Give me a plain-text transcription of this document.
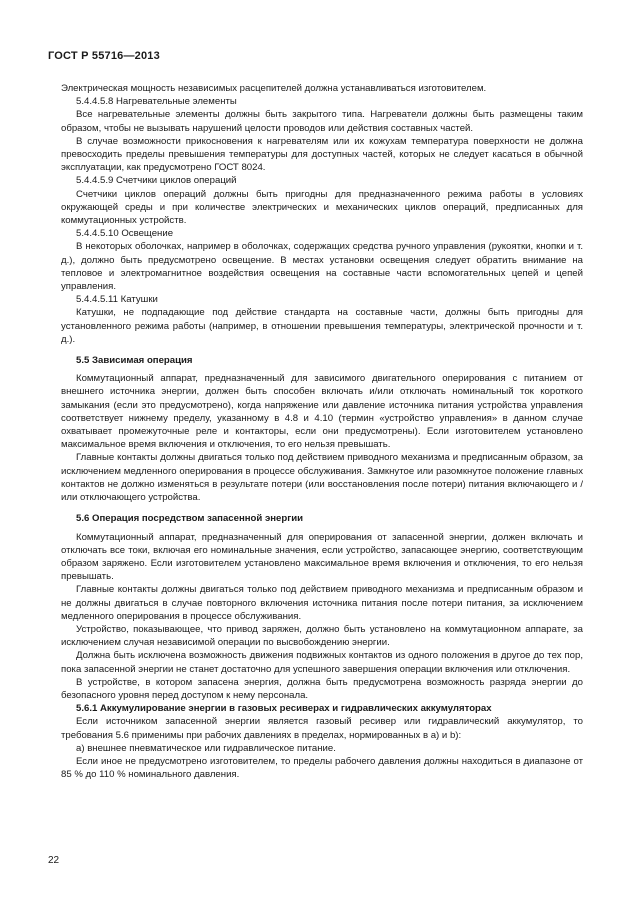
ГОСТ Р 55716—2013

Электрическая мощность независимых расцепителей должна устанавливаться изготовителем.

5.4.4.5.8 Нагревательные элементы

Все нагревательные элементы должны быть закрытого типа. Нагреватели должны быть размещены таким образом, чтобы не вызывать нарушений целости проводов или действия составных частей.

В случае возможности прикосновения к нагревателям или их кожухам температура поверхности не должна превосходить пределы превышения температуры для доступных частей, которых не следует касаться в обычной эксплуатации, как предусмотрено ГОСТ 8024.

5.4.4.5.9 Счетчики циклов операций

Счетчики циклов операций должны быть пригодны для предназначенного режима работы в условиях окружающей среды и при количестве электрических и механических циклов операций, предписанных для коммутационных устройств.

5.4.4.5.10 Освещение

В некоторых оболочках, например в оболочках, содержащих средства ручного управления (рукоятки, кнопки и т. д.), должно быть предусмотрено освещение. В местах установки освещения следует обратить внимание на тепловое и электромагнитное воздействия освещения на составные части вспомогательных цепей и цепей управления.

5.4.4.5.11 Катушки

Катушки, не подпадающие под действие стандарта на составные части, должны быть пригодны для установленного режима работы (например, в отношении превышения температуры, электрической прочности и т. д.).

5.5 Зависимая операция

Коммутационный аппарат, предназначенный для зависимого двигательного оперирования с питанием от внешнего источника энергии, должен быть способен включать и/или отключать номинальный ток короткого замыкания (если это предусмотрено), когда напряжение или давление источника питания устройства управления соответствует нижнему пределу, указанному в 4.8 и 4.10 (термин «устройство управления» в данном случае охватывает промежуточные реле и контакторы, если они предусмотрены). Если изготовителем установлено максимальное время включения и отключения, то его нельзя превышать.

Главные контакты должны двигаться только под действием приводного механизма и предписанным образом, за исключением медленного оперирования в процессе обслуживания. Замкнутое или разомкнутое положение главных контактов не должно изменяться в результате потери (или восстановления после потери) питания включающего и /или отключающего устройства.

5.6 Операция посредством запасенной энергии

Коммутационный аппарат, предназначенный для оперирования от запасенной энергии, должен включать и отключать все токи, включая его номинальные значения, если устройство, запасающее энергию, соответствующим образом заряжено. Если изготовителем установлено максимальное время включения и отключения, то его нельзя превышать.

Главные контакты должны двигаться только под действием приводного механизма и предписанным образом и не должны двигаться в случае повторного включения источника питания после потери питания, за исключением медленного оперирования в процессе обслуживания.

Устройство, показывающее, что привод заряжен, должно быть установлено на коммутационном аппарате, за исключением случая независимой операции по высвобождению энергии.

Должна быть исключена возможность движения подвижных контактов из одного положения в другое до тех пор, пока запасенной энергии не станет достаточно для успешного завершения операции включения или отключения.

В устройстве, в котором запасена энергия, должна быть предусмотрена возможность разряда энергии до безопасного уровня перед доступом к нему персонала.

5.6.1 Аккумулирование энергии в газовых ресиверах и гидравлических аккумуляторах

Если источником запасенной энергии является газовый ресивер или гидравлический аккумулятор, то требования 5.6 применимы при рабочих давлениях в пределах, нормированных в а) и b):

а) внешнее пневматическое или гидравлическое питание.

Если иное не предусмотрено изготовителем, то пределы рабочего давления должны находиться в диапазоне от 85 % до 110 % номинального давления.

22
